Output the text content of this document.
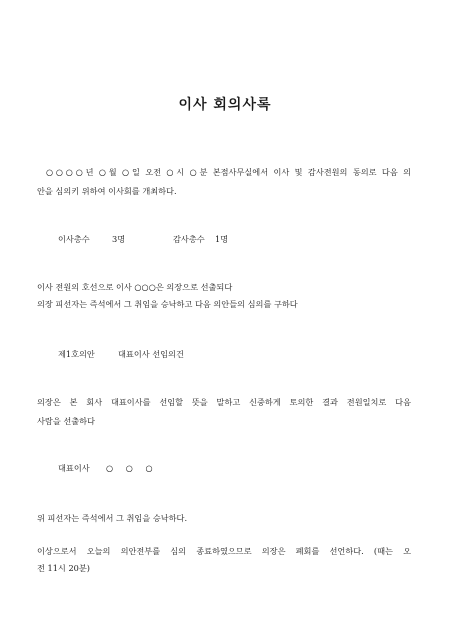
이사 회의사록
○○○○년 ○월 ○일 오전 ○시 ○분 본점사무실에서 이사 및 감사전원의 동의로 다음 의
안을 심의키 위하여 이사회를 개최하다.
이사총수	3명	감사총수 1명
이사 전원의 호선으로 이사 ○○○은 의장으로 선출되다
의장 피선자는 즉석에서 그 취임을 승낙하고 다음 의안들의 심의를 구하다
제1호의안	대표이사 선임의건
의장은 본 회사 대표이사를 선임할 뜻을 말하고 신중하게 토의한 결과 전원일치로 다음
사람을 선출하다
대표이사 ○ ○ ○
위 피선자는 즉석에서 그 취임을 승낙하다.
이상으로서 오늘의 의안전부를 심의 종료하였으므로 의장은 폐회를 선언하다. (때는 오
전 11시 20분)
